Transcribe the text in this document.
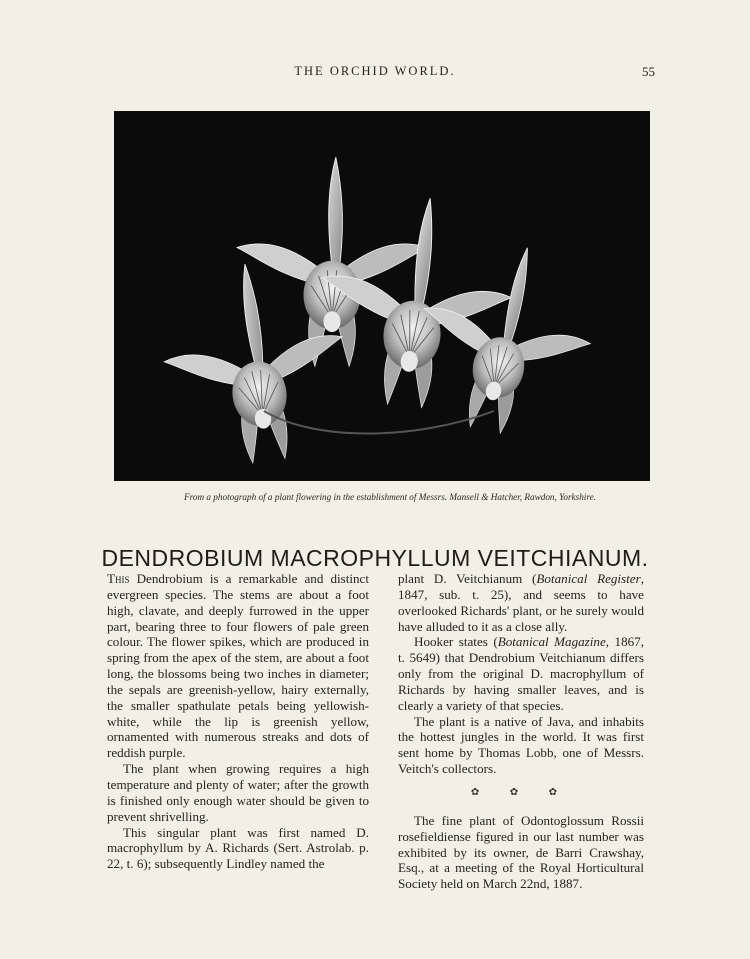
THE ORCHID WORLD.	55
From a photograph of a plant flowering in the establishment of Messrs. Mansell & Hatcher, Rawdon, Yorkshire.
DENDROBIUM MACROPHYLLUM VEITCHIANUM.

This Dendrobium is a remarkable and distinct evergreen species. The stems are about a foot high, clavate, and deeply furrowed in the upper part, bearing three to four flowers of pale green colour. The flower spikes, which are produced in spring from the apex of the stem, are about a foot long, the blossoms being two inches in diameter; the sepals are greenish-yellow, hairy externally, the smaller spathulate petals being yellowish-white, while the lip is greenish yellow, ornamented with numerous streaks and dots of reddish purple.

The plant when growing requires a high temperature and plenty of water; after the growth is finished only enough water should be given to prevent shrivelling.

This singular plant was first named D. macrophyllum by A. Richards (Sert. Astrolab. p. 22, t. 6); subsequently Lindley named the

plant D. Veitchianum (Botanical Register, 1847, sub. t. 25), and seems to have overlooked Richards' plant, or he surely would have alluded to it as a close ally.

Hooker states (Botanical Magazine, 1867, t. 5649) that Dendrobium Veitchianum differs only from the original D. macrophyllum of Richards by having smaller leaves, and is clearly a variety of that species.

The plant is a native of Java, and inhabits the hottest jungles in the world. It was first sent home by Thomas Lobb, one of Messrs. Veitch's collectors.

✿ ✿ ✿

The fine plant of Odontoglossum Rossii rosefieldiense figured in our last number was exhibited by its owner, de Barri Crawshay, Esq., at a meeting of the Royal Horticultural Society held on March 22nd, 1887.
